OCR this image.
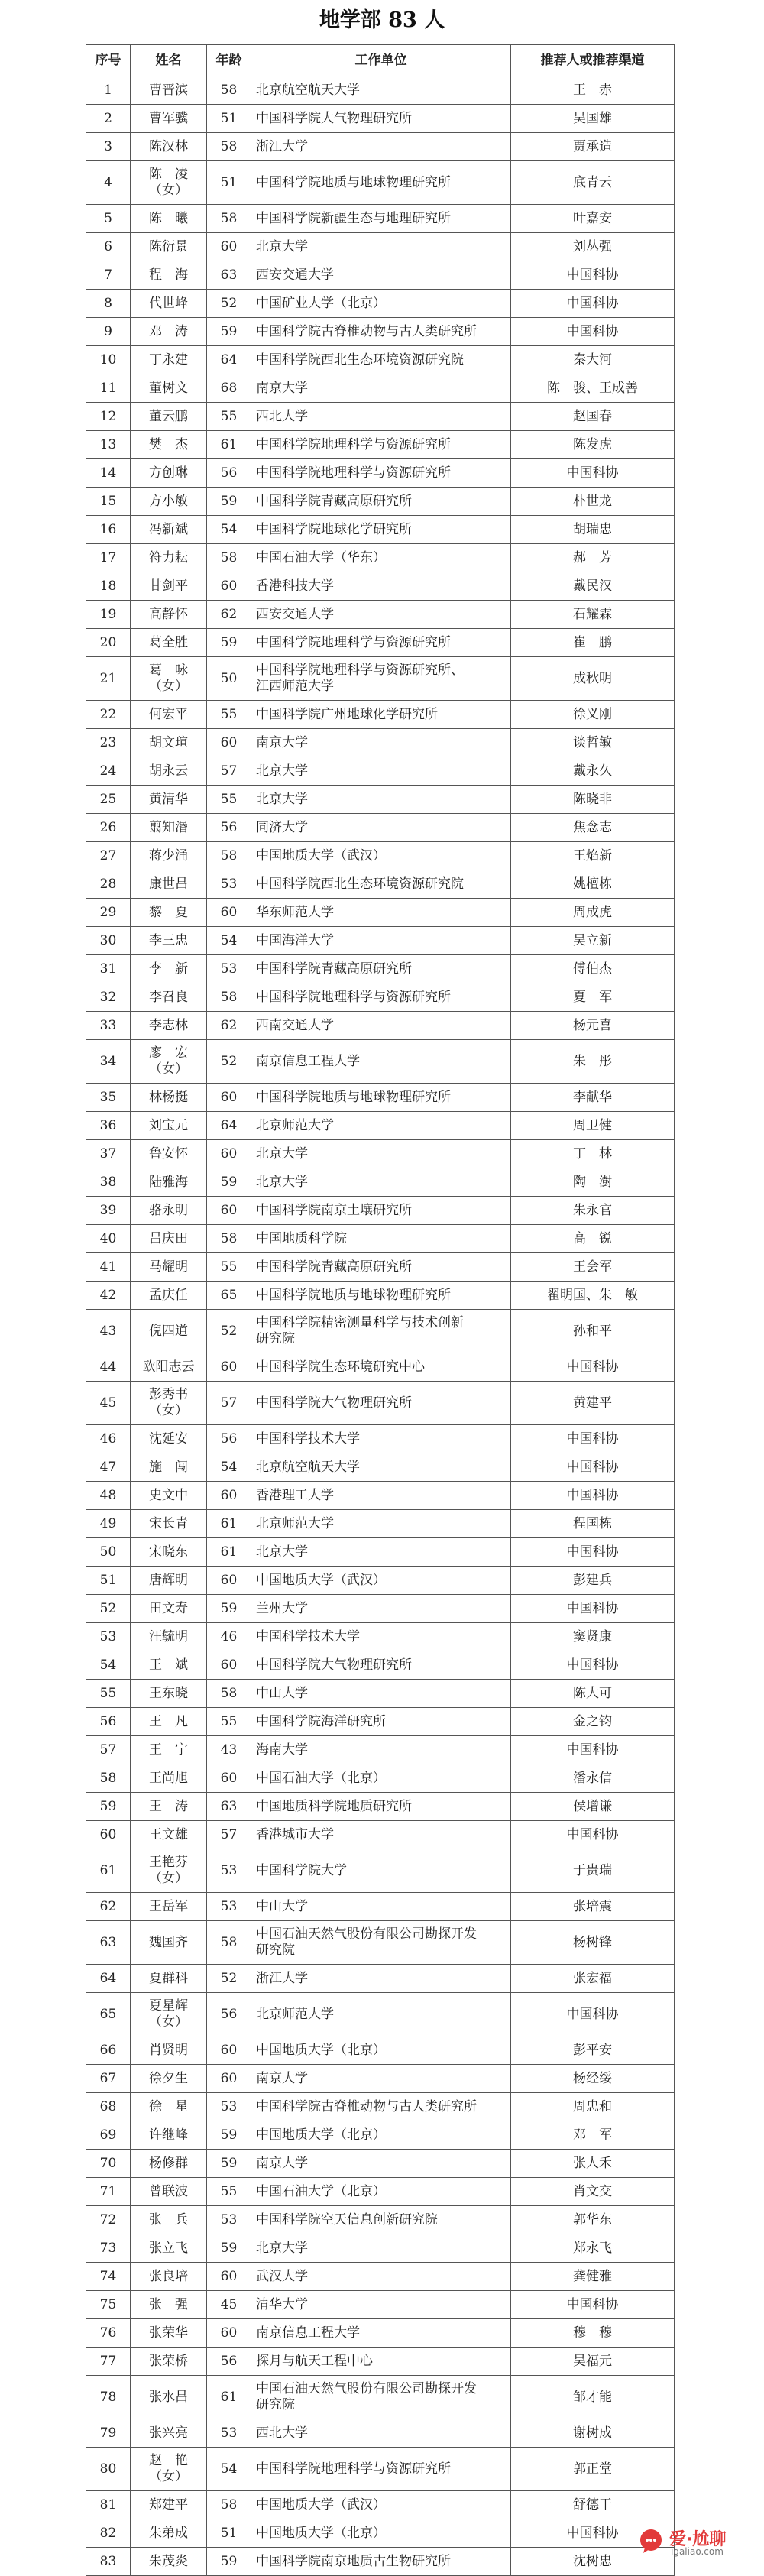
地学部 83 人
序号	姓名	年龄	工作单位	推荐人或推荐渠道
1	曹晋滨	58	北京航空航天大学	王　赤
2	曹军骥	51	中国科学院大气物理研究所	吴国雄
3	陈汉林	58	浙江大学	贾承造
4	陈　凌
（女）	51	中国科学院地质与地球物理研究所	底青云
5	陈　曦	58	中国科学院新疆生态与地理研究所	叶嘉安
6	陈衍景	60	北京大学	刘丛强
7	程　海	63	西安交通大学	中国科协
8	代世峰	52	中国矿业大学（北京）	中国科协
9	邓　涛	59	中国科学院古脊椎动物与古人类研究所	中国科协
10	丁永建	64	中国科学院西北生态环境资源研究院	秦大河
11	董树文	68	南京大学	陈　骏、王成善
12	董云鹏	55	西北大学	赵国春
13	樊　杰	61	中国科学院地理科学与资源研究所	陈发虎
14	方创琳	56	中国科学院地理科学与资源研究所	中国科协
15	方小敏	59	中国科学院青藏高原研究所	朴世龙
16	冯新斌	54	中国科学院地球化学研究所	胡瑞忠
17	符力耘	58	中国石油大学（华东）	郝　芳
18	甘剑平	60	香港科技大学	戴民汉
19	高静怀	62	西安交通大学	石耀霖
20	葛全胜	59	中国科学院地理科学与资源研究所	崔　鹏
21	葛　咏
（女）	50	中国科学院地理科学与资源研究所、
江西师范大学	成秋明
22	何宏平	55	中国科学院广州地球化学研究所	徐义刚
23	胡文瑄	60	南京大学	谈哲敏
24	胡永云	57	北京大学	戴永久
25	黄清华	55	北京大学	陈晓非
26	翦知湣	56	同济大学	焦念志
27	蒋少涌	58	中国地质大学（武汉）	王焰新
28	康世昌	53	中国科学院西北生态环境资源研究院	姚檀栋
29	黎　夏	60	华东师范大学	周成虎
30	李三忠	54	中国海洋大学	吴立新
31	李　新	53	中国科学院青藏高原研究所	傅伯杰
32	李召良	58	中国科学院地理科学与资源研究所	夏　军
33	李志林	62	西南交通大学	杨元喜
34	廖　宏
（女）	52	南京信息工程大学	朱　彤
35	林杨挺	60	中国科学院地质与地球物理研究所	李献华
36	刘宝元	64	北京师范大学	周卫健
37	鲁安怀	60	北京大学	丁　林
38	陆雅海	59	北京大学	陶　澍
39	骆永明	60	中国科学院南京土壤研究所	朱永官
40	吕庆田	58	中国地质科学院	高　锐
41	马耀明	55	中国科学院青藏高原研究所	王会军
42	孟庆任	65	中国科学院地质与地球物理研究所	翟明国、朱　敏
43	倪四道	52	中国科学院精密测量科学与技术创新
研究院	孙和平
44	欧阳志云	60	中国科学院生态环境研究中心	中国科协
45	彭秀书
（女）	57	中国科学院大气物理研究所	黄建平
46	沈延安	56	中国科学技术大学	中国科协
47	施　闯	54	北京航空航天大学	中国科协
48	史文中	60	香港理工大学	中国科协
49	宋长青	61	北京师范大学	程国栋
50	宋晓东	61	北京大学	中国科协
51	唐辉明	60	中国地质大学（武汉）	彭建兵
52	田文寿	59	兰州大学	中国科协
53	汪毓明	46	中国科学技术大学	窦贤康
54	王　斌	60	中国科学院大气物理研究所	中国科协
55	王东晓	58	中山大学	陈大可
56	王　凡	55	中国科学院海洋研究所	金之钧
57	王　宁	43	海南大学	中国科协
58	王尚旭	60	中国石油大学（北京）	潘永信
59	王　涛	63	中国地质科学院地质研究所	侯增谦
60	王文雄	57	香港城市大学	中国科协
61	王艳芬
（女）	53	中国科学院大学	于贵瑞
62	王岳军	53	中山大学	张培震
63	魏国齐	58	中国石油天然气股份有限公司勘探开发
研究院	杨树锋
64	夏群科	52	浙江大学	张宏福
65	夏星辉
（女）	56	北京师范大学	中国科协
66	肖贤明	60	中国地质大学（北京）	彭平安
67	徐夕生	60	南京大学	杨经绥
68	徐　星	53	中国科学院古脊椎动物与古人类研究所	周忠和
69	许继峰	59	中国地质大学（北京）	邓　军
70	杨修群	59	南京大学	张人禾
71	曾联波	55	中国石油大学（北京）	肖文交
72	张　兵	53	中国科学院空天信息创新研究院	郭华东
73	张立飞	59	北京大学	郑永飞
74	张良培	60	武汉大学	龚健雅
75	张　强	45	清华大学	中国科协
76	张荣华	60	南京信息工程大学	穆　穆
77	张荣桥	56	探月与航天工程中心	吴福元
78	张水昌	61	中国石油天然气股份有限公司勘探开发
研究院	邹才能
79	张兴亮	53	西北大学	谢树成
80	赵　艳
（女）	54	中国科学院地理科学与资源研究所	郭正堂
81	郑建平	58	中国地质大学（武汉）	舒德干
82	朱弟成	51	中国地质大学（北京）	中国科协
83	朱茂炎	59	中国科学院南京地质古生物研究所	沈树忠
爱·尬聊
igaliao.com
